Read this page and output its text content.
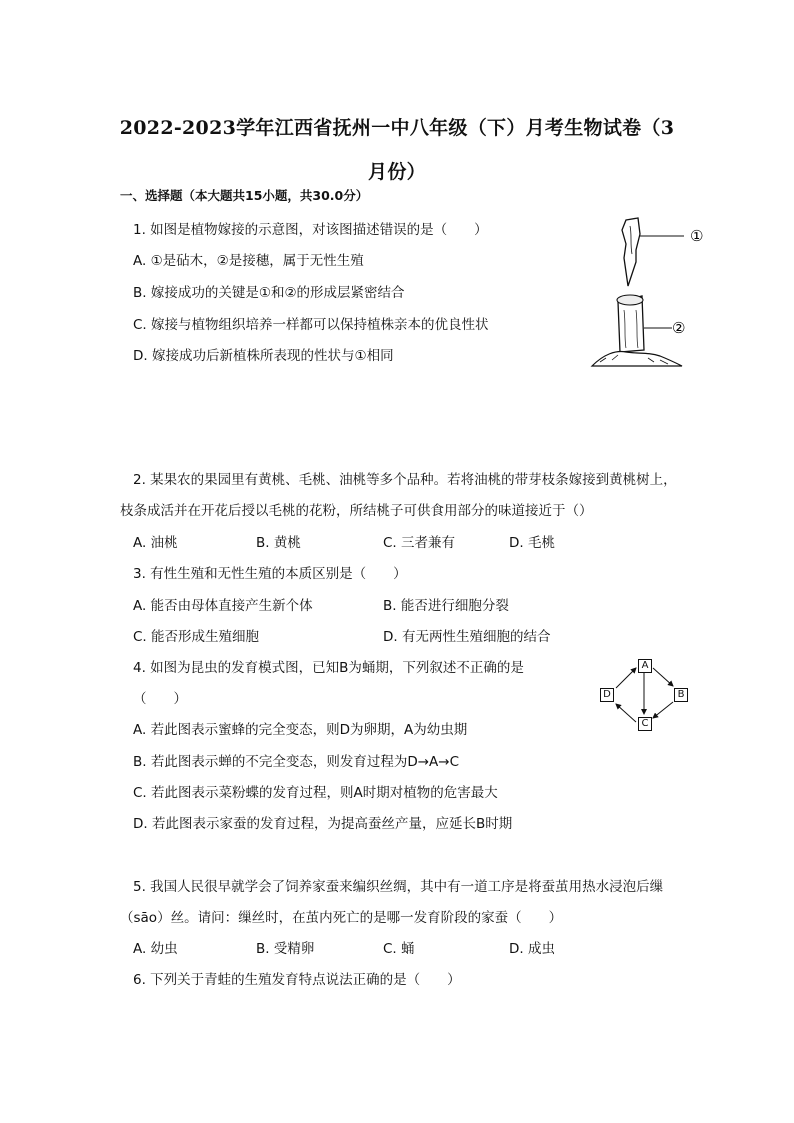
2022-2023学年江西省抚州一中八年级（下）月考生物试卷（3
月份）
一、选择题（本大题共15小题，共30.0分）
1. 如图是植物嫁接的示意图，对该图描述错误的是（　　）
A. ①是砧木，②是接穗，属于无性生殖
B. 嫁接成功的关键是①和②的形成层紧密结合
C. 嫁接与植物组织培养一样都可以保持植株亲本的优良性状
D. 嫁接成功后新植株所表现的性状与①相同
①
②
2. 某果农的果园里有黄桃、毛桃、油桃等多个品种。若将油桃的带芽枝条嫁接到黄桃树上，
枝条成活并在开花后授以毛桃的花粉，所结桃子可供食用部分的味道接近于（）
A. 油桃	B. 黄桃	C. 三者兼有	D. 毛桃
3. 有性生殖和无性生殖的本质区别是（　　）
A. 能否由母体直接产生新个体	B. 能否进行细胞分裂
C. 能否形成生殖细胞	D. 有无两性生殖细胞的结合
4. 如图为昆虫的发育模式图，已知B为蛹期，下列叙述不正确的是
（　　）
A. 若此图表示蜜蜂的完全变态，则D为卵期，A为幼虫期
B. 若此图表示蝉的不完全变态，则发育过程为D→A→C
C. 若此图表示菜粉蝶的发育过程，则A时期对植物的危害最大
D. 若此图表示家蚕的发育过程，为提高蚕丝产量，应延长B时期
A
B
C
D
5. 我国人民很早就学会了饲养家蚕来编织丝绸，其中有一道工序是将蚕茧用热水浸泡后缫
（sāo）丝。请问：缫丝时，在茧内死亡的是哪一发育阶段的家蚕（　　）
A. 幼虫	B. 受精卵	C. 蛹	D. 成虫
6. 下列关于青蛙的生殖发育特点说法正确的是（　　）
